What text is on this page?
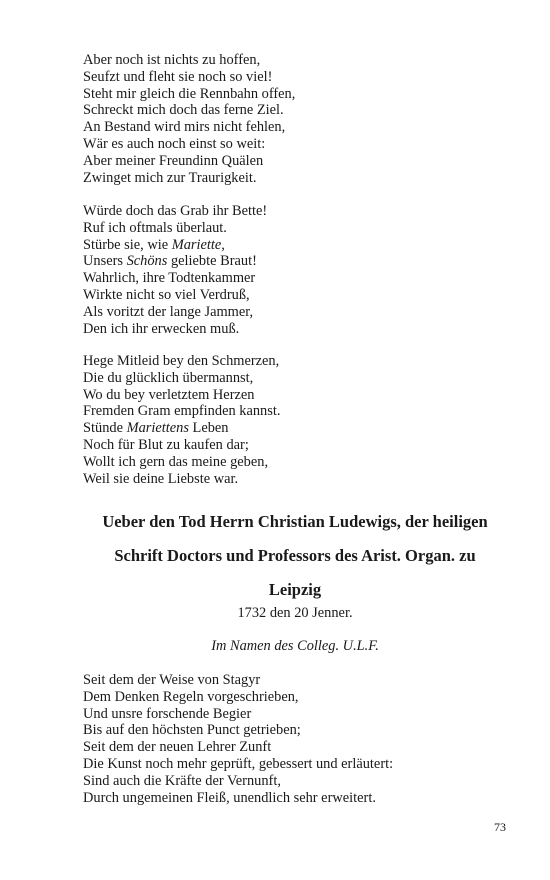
Aber noch ist nichts zu hoffen,
Seufzt und fleht sie noch so viel!
Steht mir gleich die Rennbahn offen,
Schreckt mich doch das ferne Ziel.
An Bestand wird mirs nicht fehlen,
Wär es auch noch einst so weit:
Aber meiner Freundinn Quälen
Zwinget mich zur Traurigkeit.
Würde doch das Grab ihr Bette!
Ruf ich oftmals überlaut.
Stürbe sie, wie Mariette,
Unsers Schöns geliebte Braut!
Wahrlich, ihre Todtenkammer
Wirkte nicht so viel Verdruß,
Als voritzt der lange Jammer,
Den ich ihr erwecken muß.
Hege Mitleid bey den Schmerzen,
Die du glücklich übermannst,
Wo du bey verletztem Herzen
Fremden Gram empfinden kannst.
Stünde Mariettens Leben
Noch für Blut zu kaufen dar;
Wollt ich gern das meine geben,
Weil sie deine Liebste war.
Ueber den Tod Herrn Christian Ludewigs, der heiligen
Schrift Doctors und Professors des Arist. Organ. zu
Leipzig
1732 den 20 Jenner.
Im Namen des Colleg. U.L.F.
Seit dem der Weise von Stagyr
Dem Denken Regeln vorgeschrieben,
Und unsre forschende Begier
Bis auf den höchsten Punct getrieben;
Seit dem der neuen Lehrer Zunft
Die Kunst noch mehr geprüft, gebessert und erläutert:
Sind auch die Kräfte der Vernunft,
Durch ungemeinen Fleiß, unendlich sehr erweitert.
73
